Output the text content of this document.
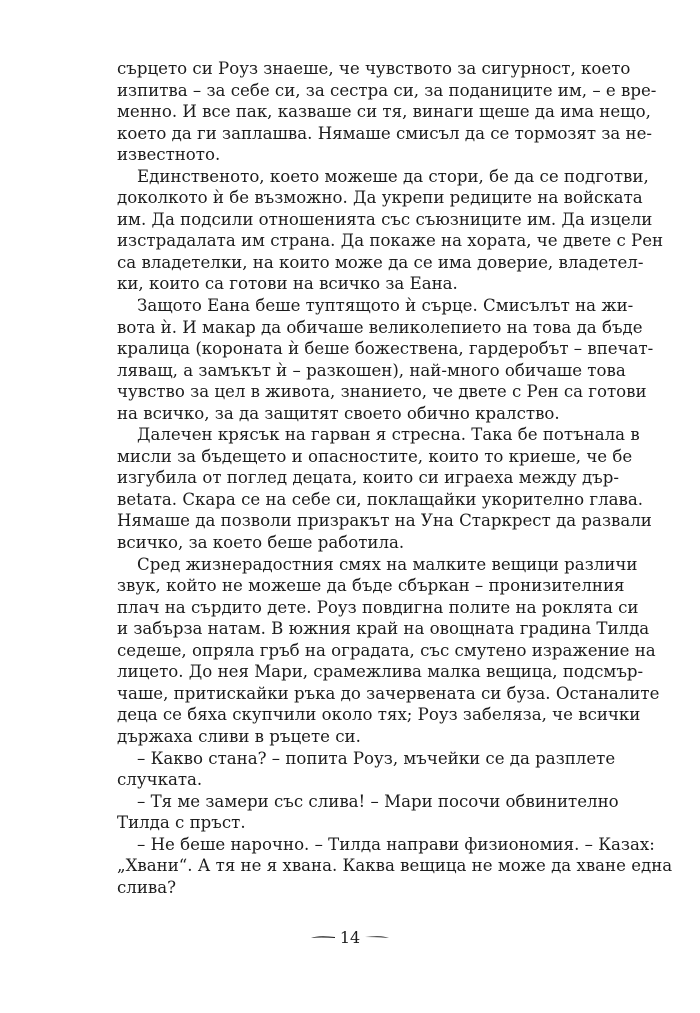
сърцето си Роуз знаеше, че чувството за сигурност, което
изпитва – за себе си, за сестра си, за поданиците им, – е вре-
менно. И все пак, казваше си тя, винаги щеше да има нещо,
което да ги заплашва. Нямаше смисъл да се тормозят за не-
известното.
Единственото, което можеше да стори, бе да се подготви,
доколкото ѝ бе възможно. Да укрепи редиците на войската
им. Да подсили отношенията със съюзниците им. Да изцели
изстрадалата им страна. Да покаже на хората, че двете с Рен
са владетелки, на които може да се има доверие, владетел-
ки, които са готови на всичко за Еана.
Защото Еана беше туптящото ѝ сърце. Смисълът на жи-
вота ѝ. И макар да обичаше великолепието на това да бъде
кралица (короната ѝ беше божествена, гардеробът – впечат-
ляващ, а замъкът ѝ – разкошен), най-много обичаше това
чувство за цел в живота, знанието, че двете с Рен са готови
на всичко, за да защитят своето обично кралство.
Далечен крясък на гарван я стресна. Така бе потънала в
мисли за бъдещето и опасностите, които то криеше, че бе
изгубила от поглед децата, които си играеха между дър-
вetата. Скара се на себе си, поклащайки укорително глава.
Нямаше да позволи призракът на Уна Старкрест да развали
всичко, за което беше работила.
Сред жизнерадостния смях на малките вещици различи
звук, който не можеше да бъде сбъркан – пронизителния
плач на сърдито дете. Роуз повдигна полите на роклята си
и забърза натам. В южния край на овощната градина Тилда
седеше, опряла гръб на оградата, със смутено изражение на
лицето. До нея Мари, срамежлива малка вещица, подсмър-
чаше, притискайки ръка до зачервената си буза. Останалите
деца се бяха скупчили около тях; Роуз забеляза, че всички
държаха сливи в ръцете си.
– Какво стана? – попита Роуз, мъчейки се да разплете
случката.
– Тя ме замери със слива! – Мари посочи обвинително
Тилда с пръст.
– Не беше нарочно. – Тилда направи физиономия. – Казах:
„Хвани“. А тя не я хвана. Каква вещица не може да хване една
слива?
14
